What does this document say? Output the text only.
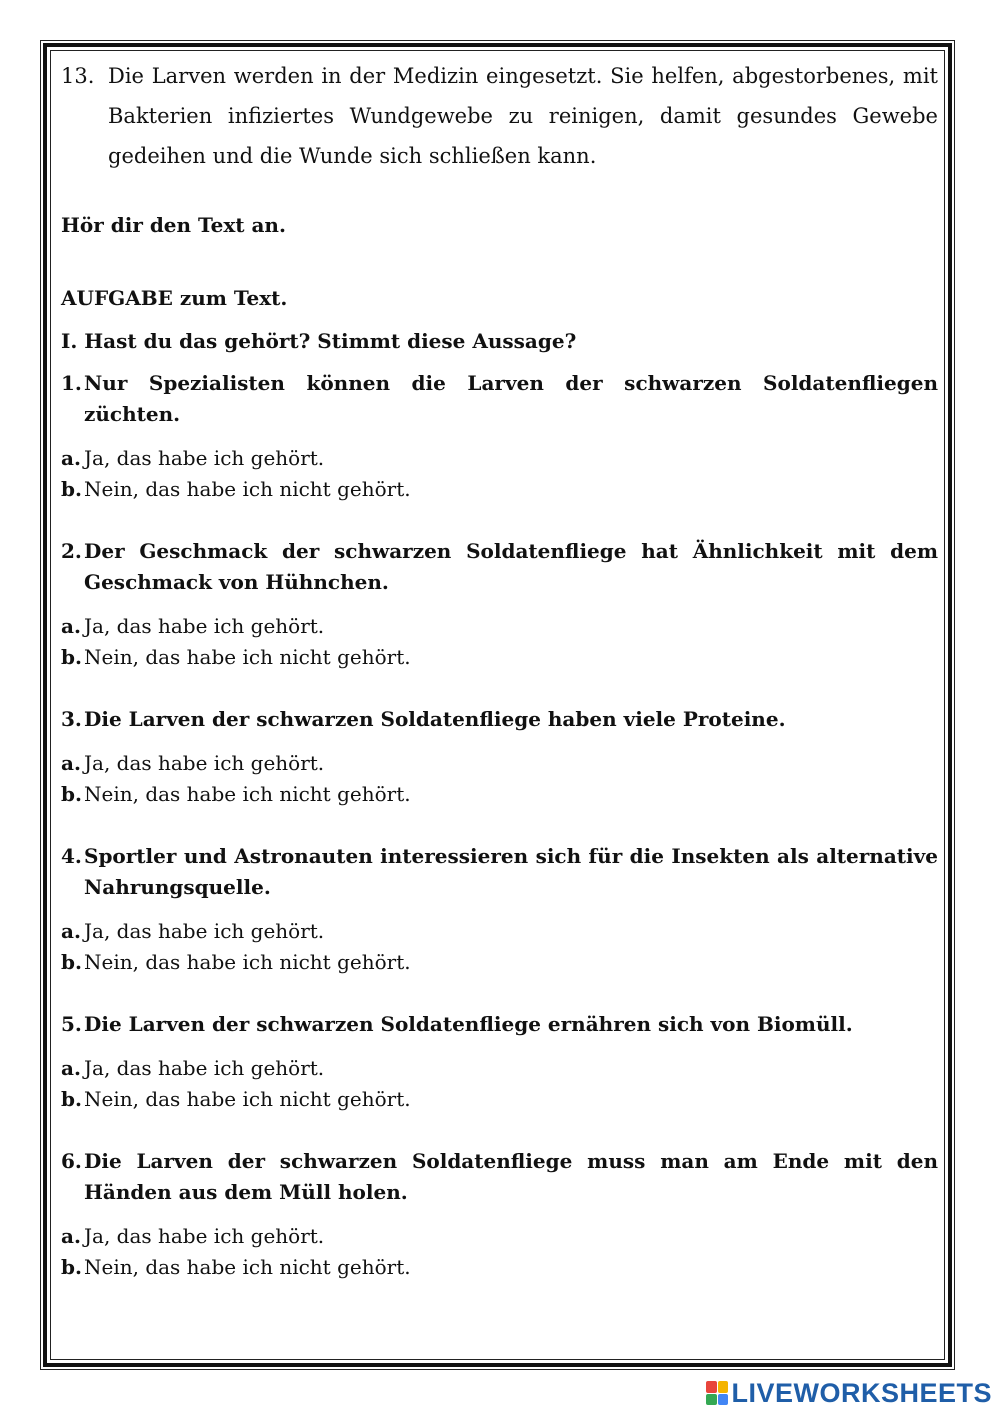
13. Die Larven werden in der Medizin eingesetzt. Sie helfen, abgestorbenes, mit Bakterien infiziertes Wundgewebe zu reinigen, damit gesundes Gewebe gedeihen und die Wunde sich schließen kann.
Hör dir den Text an.
AUFGABE zum Text.
I. Hast du das gehört? Stimmt diese Aussage?
1. Nur Spezialisten können die Larven der schwarzen Soldatenfliegen züchten.
a. Ja, das habe ich gehört.
b. Nein, das habe ich nicht gehört.
2. Der Geschmack der schwarzen Soldatenfliege hat Ähnlichkeit mit dem Geschmack von Hühnchen.
a. Ja, das habe ich gehört.
b. Nein, das habe ich nicht gehört.
3. Die Larven der schwarzen Soldatenfliege haben viele Proteine.
a. Ja, das habe ich gehört.
b. Nein, das habe ich nicht gehört.
4. Sportler und Astronauten interessieren sich für die Insekten als alternative Nahrungsquelle.
a. Ja, das habe ich gehört.
b. Nein, das habe ich nicht gehört.
5. Die Larven der schwarzen Soldatenfliege ernähren sich von Biomüll.
a. Ja, das habe ich gehört.
b. Nein, das habe ich nicht gehört.
6. Die Larven der schwarzen Soldatenfliege muss man am Ende mit den Händen aus dem Müll holen.
a. Ja, das habe ich gehört.
b. Nein, das habe ich nicht gehört.
LIVEWORKSHEETS
